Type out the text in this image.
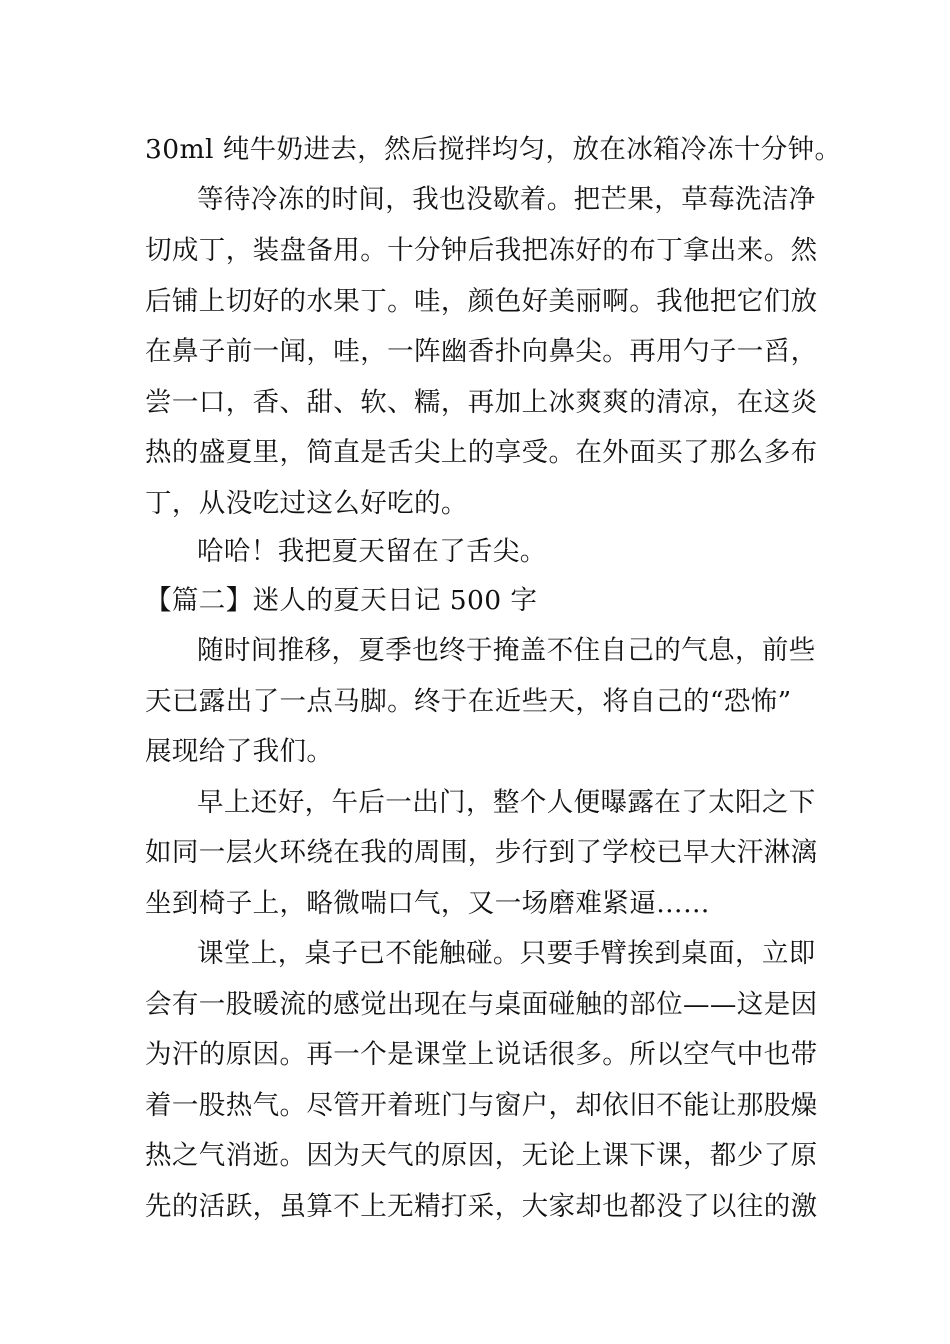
30ml 纯牛奶进去，然后搅拌均匀，放在冰箱冷冻十分钟。
等待冷冻的时间，我也没歇着。把芒果，草莓洗洁净
切成丁，装盘备用。十分钟后我把冻好的布丁拿出来。然
后铺上切好的水果丁。哇，颜色好美丽啊。我他把它们放
在鼻子前一闻，哇，一阵幽香扑向鼻尖。再用勺子一舀，
尝一口，香、甜、软、糯，再加上冰爽爽的清凉，在这炎
热的盛夏里，简直是舌尖上的享受。在外面买了那么多布
丁，从没吃过这么好吃的。
哈哈！我把夏天留在了舌尖。
【篇二】迷人的夏天日记 500 字
随时间推移，夏季也终于掩盖不住自己的气息，前些
天已露出了一点马脚。终于在近些天，将自己的“恐怖”
展现给了我们。
早上还好，午后一出门，整个人便曝露在了太阳之下
如同一层火环绕在我的周围，步行到了学校已早大汗淋漓
坐到椅子上，略微喘口气，又一场磨难紧逼……
课堂上，桌子已不能触碰。只要手臂挨到桌面，立即
会有一股暖流的感觉出现在与桌面碰触的部位——这是因
为汗的原因。再一个是课堂上说话很多。所以空气中也带
着一股热气。尽管开着班门与窗户，却依旧不能让那股燥
热之气消逝。因为天气的原因，无论上课下课，都少了原
先的活跃，虽算不上无精打采，大家却也都没了以往的激
